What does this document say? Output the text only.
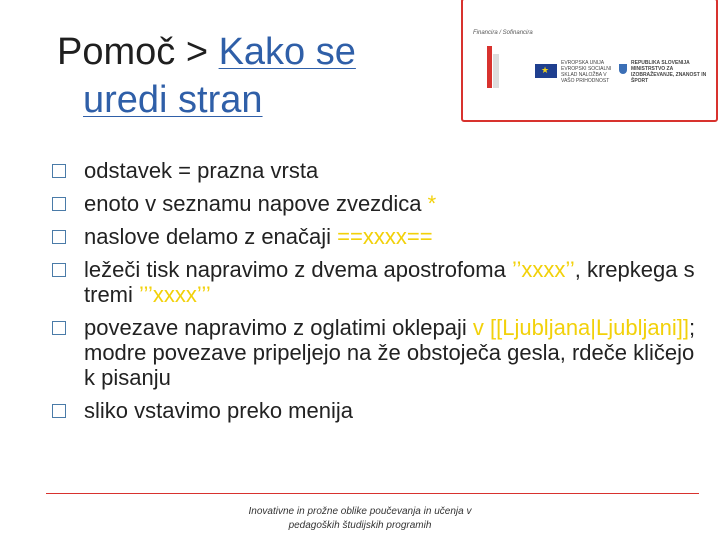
Pomoč > Kako se
uredi stran
Financira / Sofinancira
★
EVROPSKA UNIJA EVROPSKI SOCIALNI SKLAD NALOŽBA V VAŠO PRIHODNOST
REPUBLIKA SLOVENIJA MINISTRSTVO ZA IZOBRAŽEVANJE, ZNANOST IN ŠPORT
odstavek = prazna vrsta
enoto v seznamu napove zvezdica *
naslove delamo z enačaji ==xxxx==
ležeči tisk napravimo z dvema apostrofoma ’’xxxx’’, krepkega s tremi ’’’xxxx’’’
povezave napravimo z oglatimi oklepaji v [[Ljubljana|Ljubljani]]; modre povezave pripeljejo na že obstoječa gesla, rdeče kličejo k pisanju
sliko vstavimo preko menija
Inovativne in prožne oblike poučevanja in učenja v
pedagoških študijskih programih
